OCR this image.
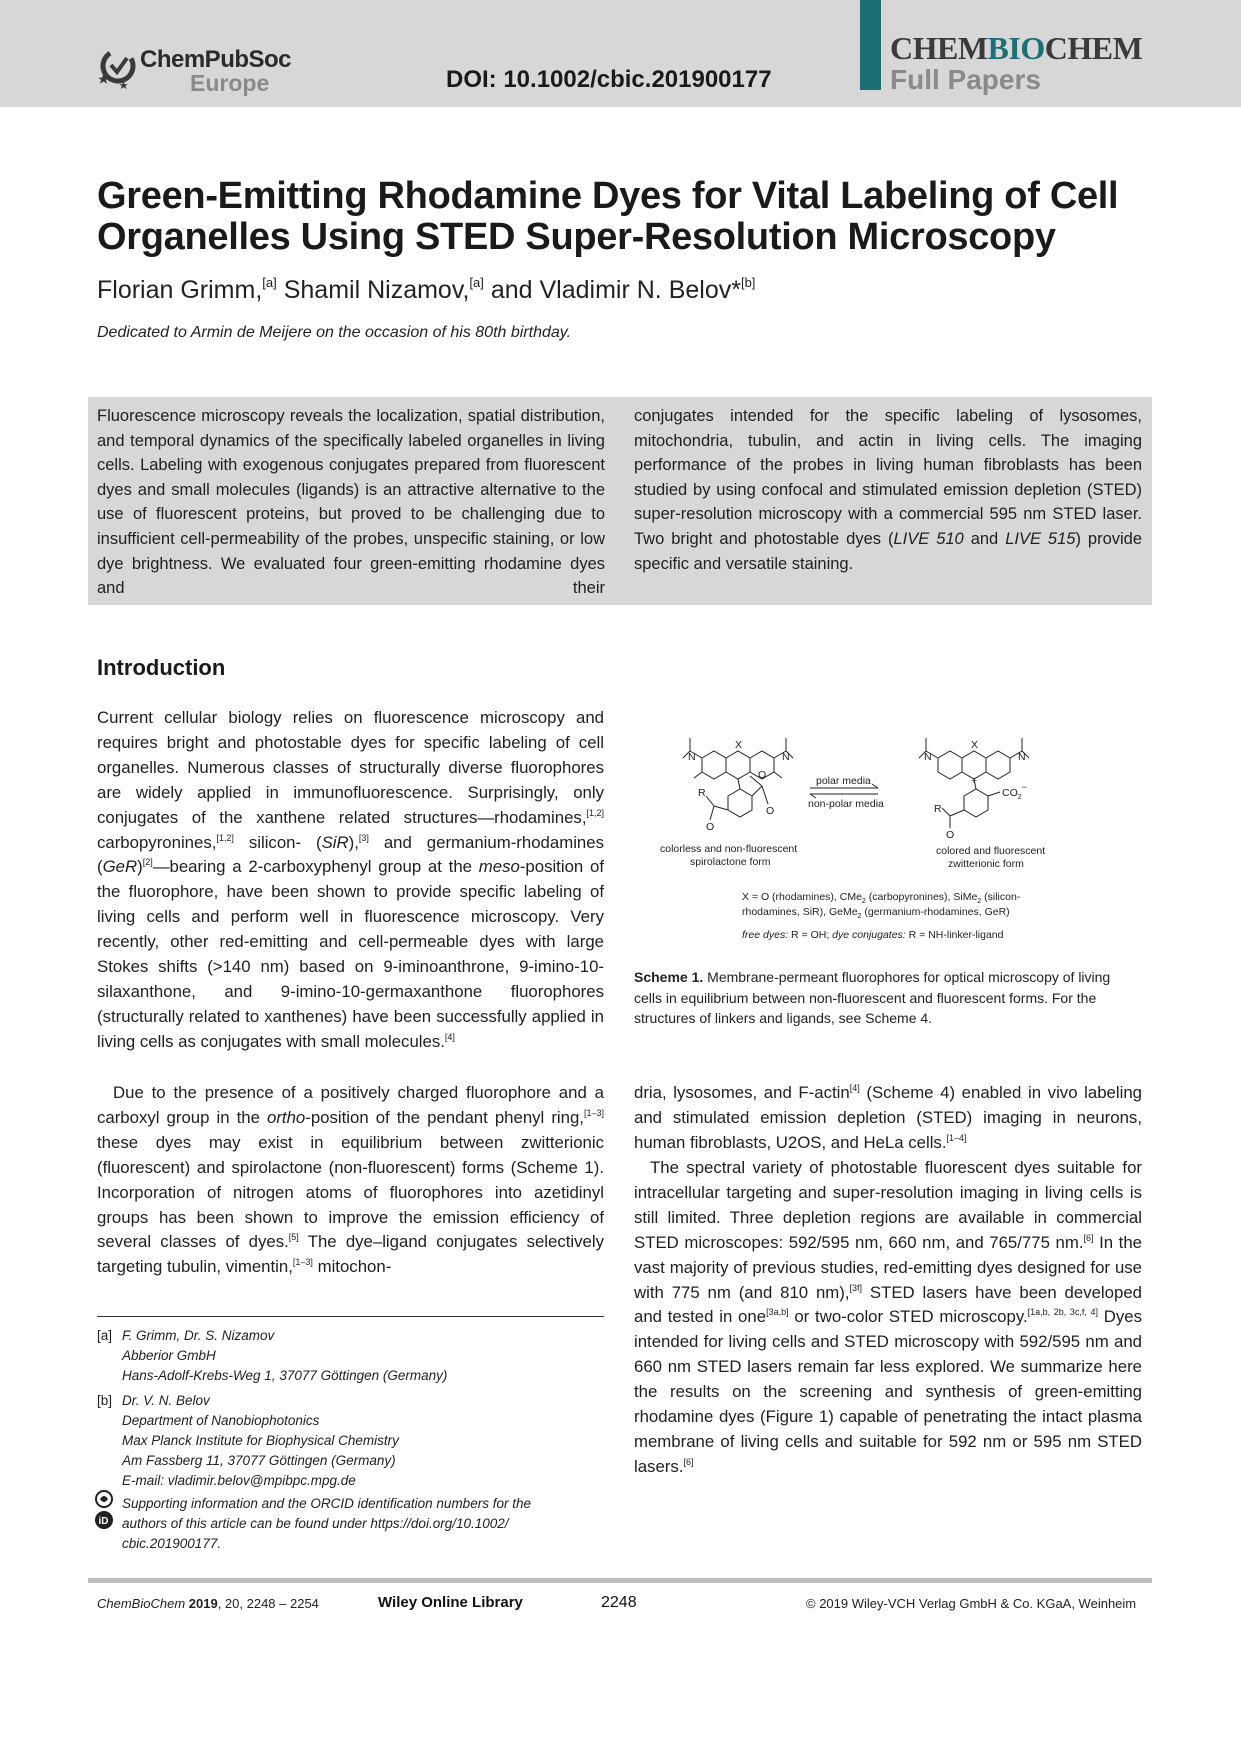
ChemPubSoc
Europe	DOI: 10.1002/cbic.201900177
CHEMBIOCHEM
Full Papers
Green-Emitting Rhodamine Dyes for Vital Labeling of Cell
Organelles Using STED Super-Resolution Microscopy
Florian Grimm,[a] Shamil Nizamov,[a] and Vladimir N. Belov*[b]
Dedicated to Armin de Meijere on the occasion of his 80th birthday.
Fluorescence microscopy reveals the localization, spatial distribution, and temporal dynamics of the specifically labeled organelles in living cells. Labeling with exogenous conjugates prepared from fluorescent dyes and small molecules (ligands) is an attractive alternative to the use of fluorescent proteins, but proved to be challenging due to insufficient cell-permeability of the probes, unspecific staining, or low dye brightness. We evaluated four green-emitting rhodamine dyes and their
conjugates intended for the specific labeling of lysosomes, mitochondria, tubulin, and actin in living cells. The imaging performance of the probes in living human fibroblasts has been studied by using confocal and stimulated emission depletion (STED) super-resolution microscopy with a commercial 595 nm STED laser. Two bright and photostable dyes (LIVE 510 and LIVE 515) provide specific and versatile staining.
Introduction

Current cellular biology relies on fluorescence microscopy and requires bright and photostable dyes for specific labeling of cell organelles. Numerous classes of structurally diverse fluorophores are widely applied in immunofluorescence. Surprisingly, only conjugates of the xanthene related structures—rhodamines,[1,2] carbopyronines,[1,2] silicon- (SiR),[3] and germanium-rhodamines (GeR)[2]—bearing a 2-carboxyphenyl group at the meso-position of the fluorophore, have been shown to provide specific labeling of living cells and perform well in fluorescence microscopy. Very recently, other red-emitting and cell-permeable dyes with large Stokes shifts (>140 nm) based on 9-iminoanthrone, 9-imino-10-silaxanthone, and 9-imino-10-germaxanthone fluorophores (structurally related to xanthenes) have been successfully applied in living cells as conjugates with small molecules.[4]

Due to the presence of a positively charged fluorophore and a carboxyl group in the ortho-position of the pendant phenyl ring,[1–3] these dyes may exist in equilibrium between zwitterionic (fluorescent) and spirolactone (non-fluorescent) forms (Scheme 1). Incorporation of nitrogen atoms of fluorophores into azetidinyl groups has been shown to improve the emission efficiency of several classes of dyes.[5] The dye–ligand conjugates selectively targeting tubulin, vimentin,[1–3] mitochon-

dria, lysosomes, and F-actin[4] (Scheme 4) enabled in vivo labeling and stimulated emission depletion (STED) imaging in neurons, human fibroblasts, U2OS, and HeLa cells.[1–4]

The spectral variety of photostable fluorescent dyes suitable for intracellular targeting and super-resolution imaging in living cells is still limited. Three depletion regions are available in commercial STED microscopes: 592/595 nm, 660 nm, and 765/775 nm.[6] In the vast majority of previous studies, red-emitting dyes designed for use with 775 nm (and 810 nm),[3f] STED lasers have been developed and tested in one[3a,b] or two-color STED microscopy.[1a,b, 2b, 3c,f, 4] Dyes intended for living cells and STED microscopy with 592/595 nm and 660 nm STED lasers remain far less explored. We summarize here the results on the screening and synthesis of green-emitting rhodamine dyes (Figure 1) capable of penetrating the intact plasma membrane of living cells and suitable for 592 nm or 595 nm STED lasers.[6]

N	N
X
O
O
R
O
polar media
non-polar media
N	N
X
+
$CO_2-$
R
O
colorless and non-fluorescent
spirolactone form
colored and fluorescent
zwitterionic form
X = O (rhodamines), CMe$_2$ (carbopyronines), SiMe$_2$ (silicon-
rhodamines, SiR), GeMe$_2$ (germanium-rhodamines, GeR)
free dyes: R = OH; dye conjugates: R = NH-linker-ligand

Scheme 1. Membrane-permeant fluorophores for optical microscopy of living cells in equilibrium between non-fluorescent and fluorescent forms. For the structures of linkers and ligands, see Scheme 4.

[a] F. Grimm, Dr. S. Nizamov
Abberior GmbH
Hans-Adolf-Krebs-Weg 1, 37077 Göttingen (Germany)
[b] Dr. V. N. Belov
Department of Nanobiophotonics
Max Planck Institute for Biophysical Chemistry
Am Fassberg 11, 37077 Göttingen (Germany)
E-mail: vladimir.belov@mpibpc.mpg.de
iD
Supporting information and the ORCID identification numbers for the
authors of this article can be found under https://doi.org/10.1002/
cbic.201900177.
ChemBioChem 2019, 20, 2248 – 2254	Wiley Online Library	2248	© 2019 Wiley-VCH Verlag GmbH & Co. KGaA, Weinheim
